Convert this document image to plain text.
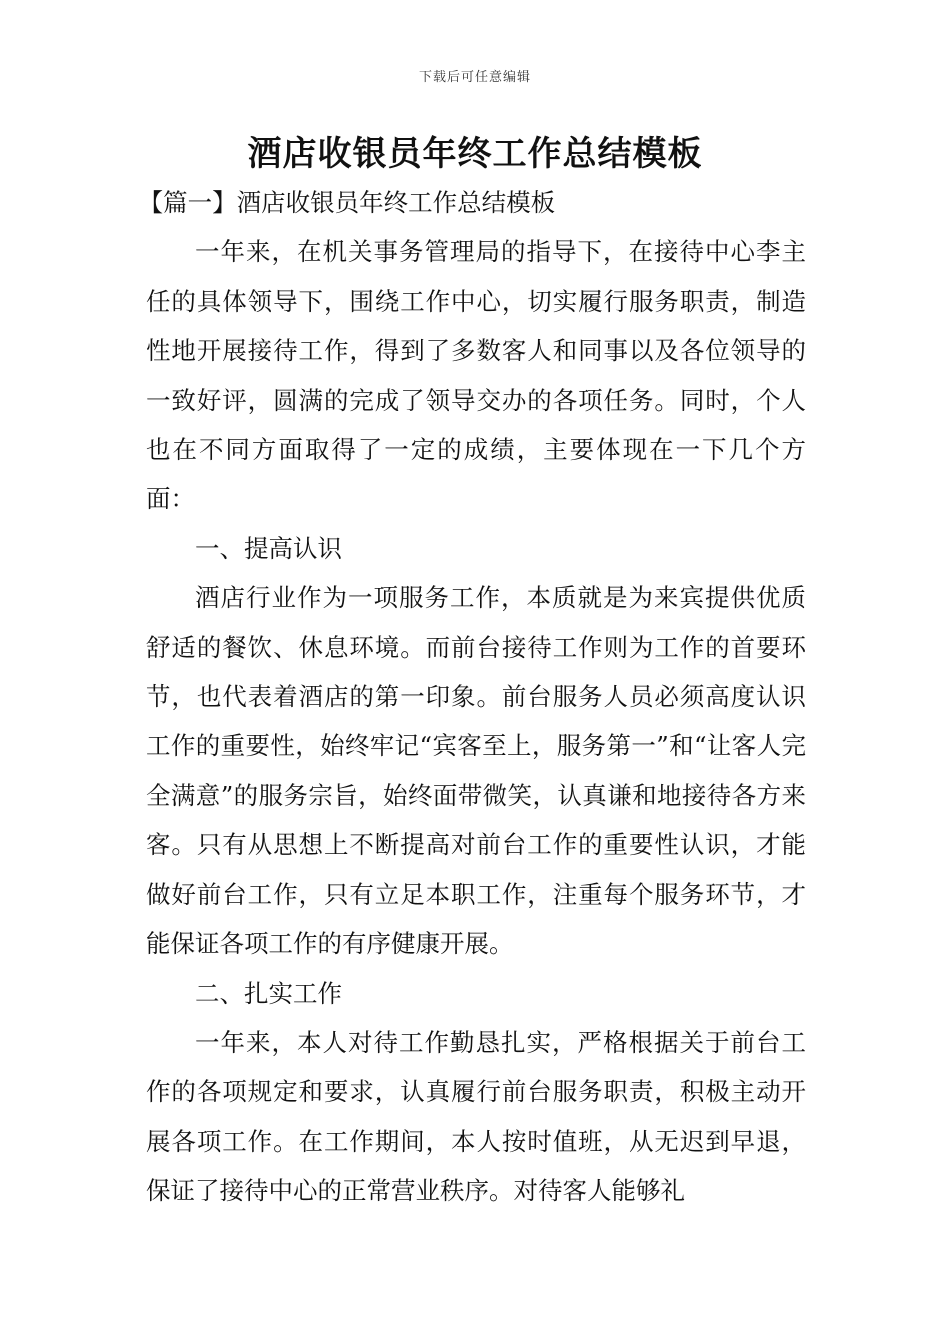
下载后可任意编辑
酒店收银员年终工作总结模板

【篇一】酒店收银员年终工作总结模板

一年来，在机关事务管理局的指导下，在接待中心李主任的具体领导下，围绕工作中心，切实履行服务职责，制造性地开展接待工作，得到了多数客人和同事以及各位领导的一致好评，圆满的完成了领导交办的各项任务。同时，个人也在不同方面取得了一定的成绩，主要体现在一下几个方面：

一、提高认识

酒店行业作为一项服务工作，本质就是为来宾提供优质舒适的餐饮、休息环境。而前台接待工作则为工作的首要环节，也代表着酒店的第一印象。前台服务人员必须高度认识工作的重要性，始终牢记“宾客至上，服务第一”和“让客人完全满意”的服务宗旨，始终面带微笑，认真谦和地接待各方来客。只有从思想上不断提高对前台工作的重要性认识，才能做好前台工作，只有立足本职工作，注重每个服务环节，才能保证各项工作的有序健康开展。

二、扎实工作

一年来，本人对待工作勤恳扎实，严格根据关于前台工作的各项规定和要求，认真履行前台服务职责，积极主动开展各项工作。在工作期间，本人按时值班，从无迟到早退，保证了接待中心的正常营业秩序。对待客人能够礼
